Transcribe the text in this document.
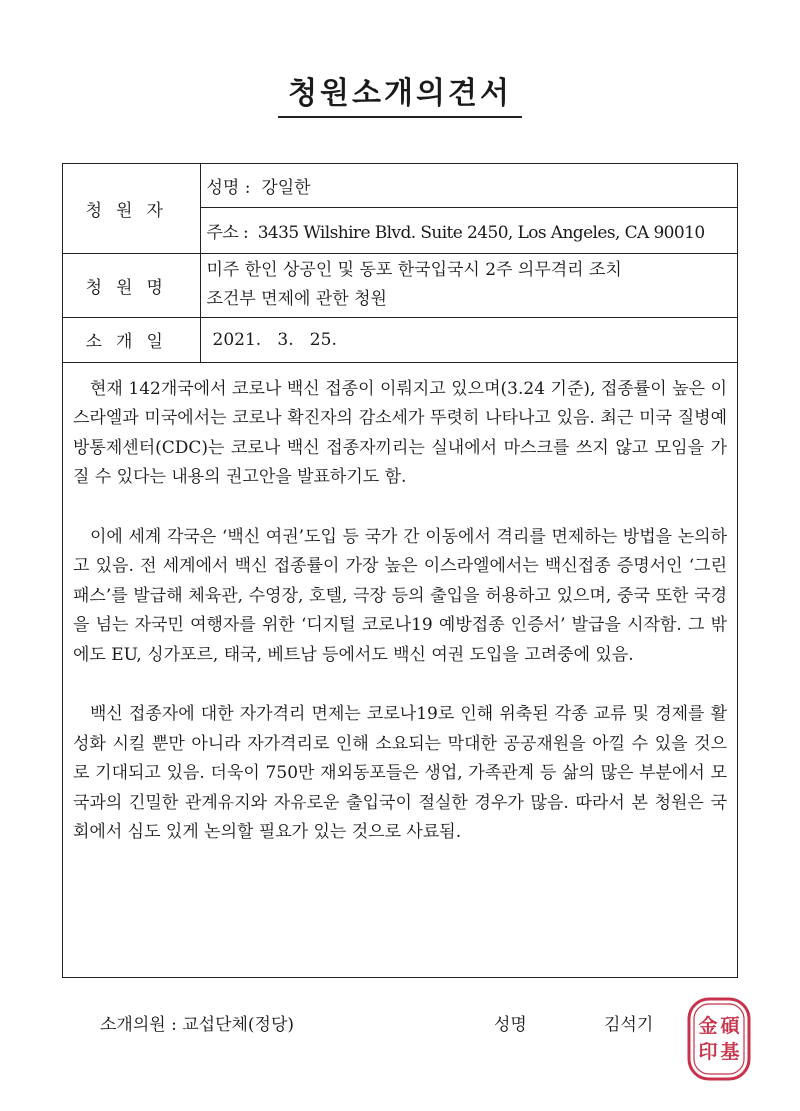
청원소개의견서
청원자	성명 : 강일한
	주소 : 3435 Wilshire Blvd. Suite 2450, Los Angeles, CA 90010
청원명	미주 한인 상공인 및 동포 한국입국시 2주 의무격리 조치
조건부 면제에 관한 청원

소개일	2021.   3.   25.

현재 142개국에서 코로나 백신 접종이 이뤄지고 있으며(3.24 기준), 접종률이 높은 이스라엘과 미국에서는 코로나 확진자의 감소세가 뚜렷히 나타나고 있음. 최근 미국 질병예방통제센터(CDC)는 코로나 백신 접종자끼리는 실내에서 마스크를 쓰지 않고 모임을 가질 수 있다는 내용의 권고안을 발표하기도 함.

이에 세계 각국은 ‘백신 여권’도입 등 국가 간 이동에서 격리를 면제하는 방법을 논의하고 있음. 전 세계에서 백신 접종률이 가장 높은 이스라엘에서는 백신접종 증명서인 ‘그린패스’를 발급해 체육관, 수영장, 호텔, 극장 등의 출입을 허용하고 있으며, 중국 또한 국경을 넘는 자국민 여행자를 위한 ‘디지털 코로나19 예방접종 인증서’ 발급을 시작함. 그 밖에도 EU, 싱가포르, 태국, 베트남 등에서도 백신 여권 도입을 고려중에 있음.

백신 접종자에 대한 자가격리 면제는 코로나19로 인해 위축된 각종 교류 및 경제를 활성화 시킬 뿐만 아니라 자가격리로 인해 소요되는 막대한 공공재원을 아낄 수 있을 것으로 기대되고 있음. 더욱이 750만 재외동포들은 생업, 가족관계 등 삶의 많은 부분에서 모국과의 긴밀한 관계유지와 자유로운 출입국이 절실한 경우가 많음. 따라서 본 청원은 국회에서 심도 있게 논의할 필요가 있는 것으로 사료됨.

소개의원 : 교섭단체(정당)	성명	김석기 金 碩
印 基
